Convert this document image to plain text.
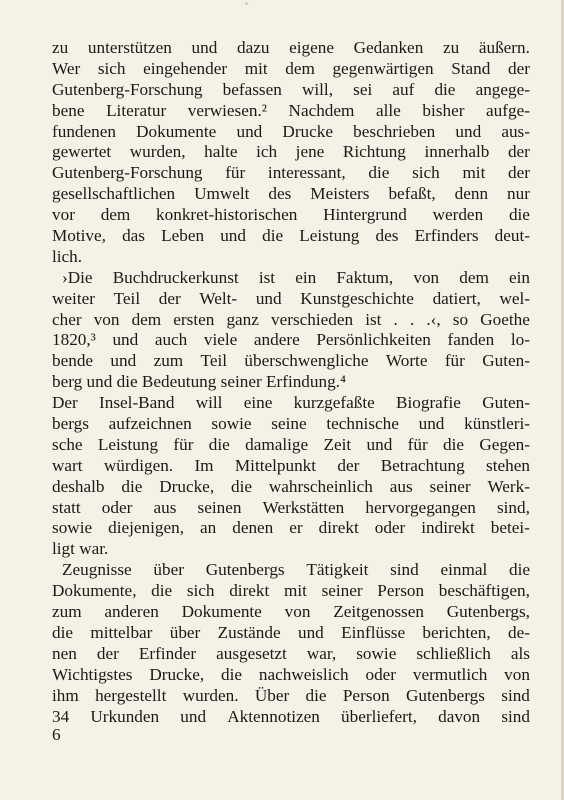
ᵛ
zu unterstützen und dazu eigene Gedanken zu äußern.
Wer sich eingehender mit dem gegenwärtigen Stand der
Gutenberg-Forschung befassen will, sei auf die angege-
bene Literatur verwiesen.² Nachdem alle bisher aufge-
fundenen Dokumente und Drucke beschrieben und aus-
gewertet wurden, halte ich jene Richtung innerhalb der
Gutenberg-Forschung für interessant, die sich mit der
gesellschaftlichen Umwelt des Meisters befaßt, denn nur
vor dem konkret-historischen Hintergrund werden die
Motive, das Leben und die Leistung des Erfinders deut-
lich.
›Die Buchdruckerkunst ist ein Faktum, von dem ein
weiter Teil der Welt- und Kunstgeschichte datiert, wel-
cher von dem ersten ganz verschieden ist . . .‹, so Goethe
1820,³ und auch viele andere Persönlichkeiten fanden lo-
bende und zum Teil überschwengliche Worte für Guten-
berg und die Bedeutung seiner Erfindung.⁴
Der Insel-Band will eine kurzgefaßte Biografie Guten-
bergs aufzeichnen sowie seine technische und künstleri-
sche Leistung für die damalige Zeit und für die Gegen-
wart würdigen. Im Mittelpunkt der Betrachtung stehen
deshalb die Drucke, die wahrscheinlich aus seiner Werk-
statt oder aus seinen Werkstätten hervorgegangen sind,
sowie diejenigen, an denen er direkt oder indirekt betei-
ligt war.
Zeugnisse über Gutenbergs Tätigkeit sind einmal die
Dokumente, die sich direkt mit seiner Person beschäftigen,
zum anderen Dokumente von Zeitgenossen Gutenbergs,
die mittelbar über Zustände und Einflüsse berichten, de-
nen der Erfinder ausgesetzt war, sowie schließlich als
Wichtigstes Drucke, die nachweislich oder vermutlich von
ihm hergestellt wurden. Über die Person Gutenbergs sind
34 Urkunden und Aktennotizen überliefert, davon sind
6
